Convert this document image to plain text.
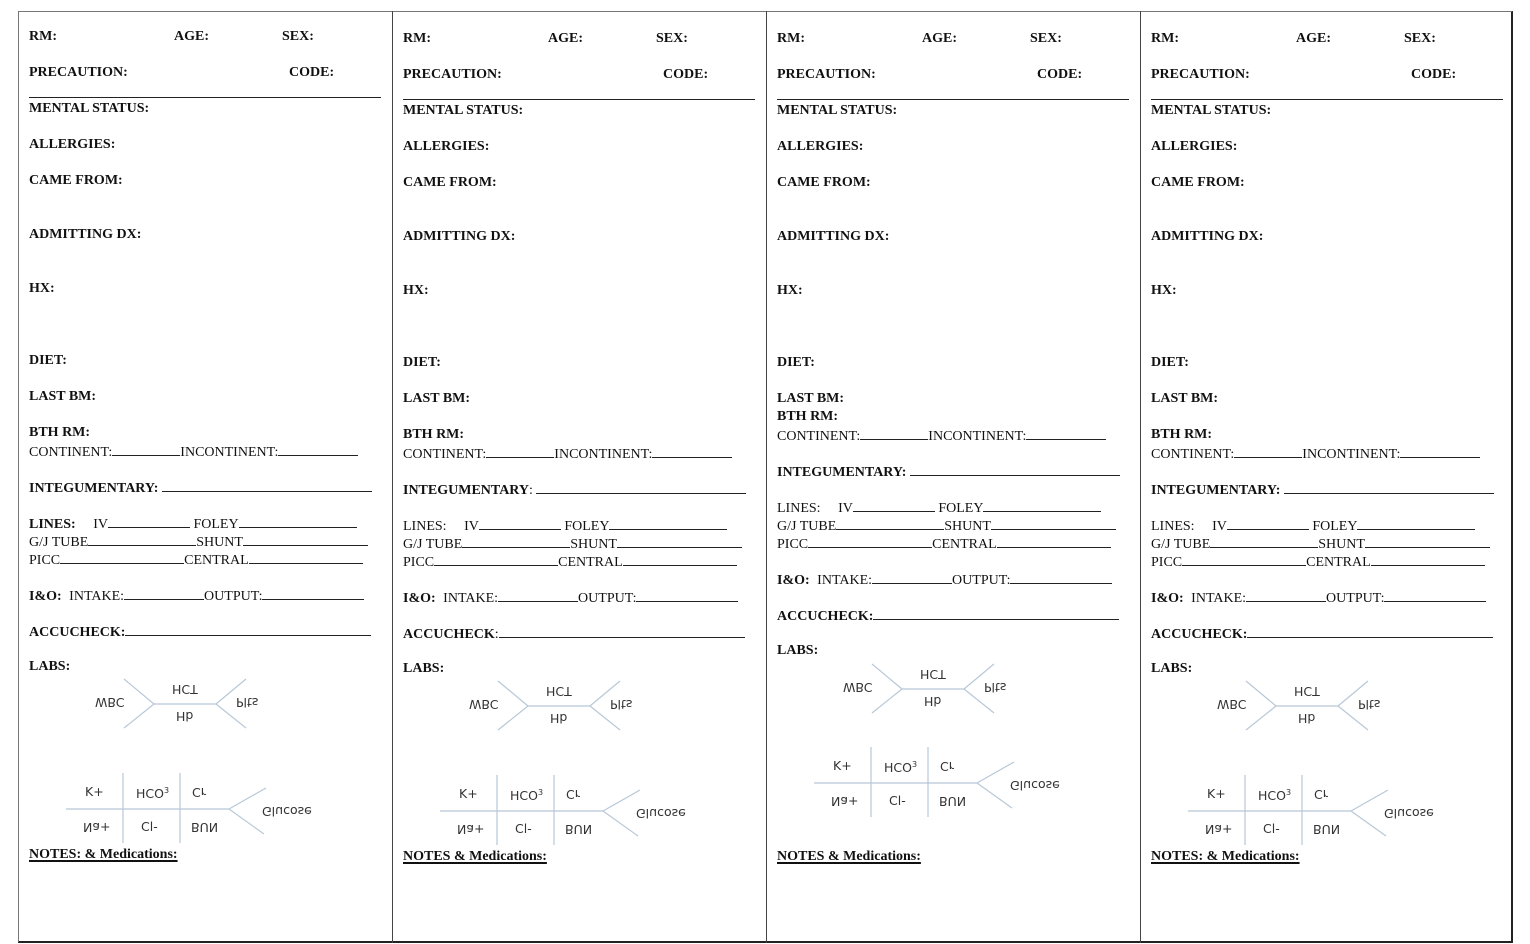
RM:	AGE:	SEX:
PRECAUTION:	CODE:
MENTAL STATUS:
ALLERGIES:
CAME FROM:
ADMITTING DX:
HX:
DIET:
LAST BM:
BTH RM:
CONTINENT:	INCONTINENT:
INTEGUMENTARY:
LINES: IV	FOLEY
G/J TUBE	SHUNT
PICC	CENTRAL
I&O: INTAKE:	OUTPUT:
ACCUCHECK:
LABS:
WBC
HCT
Hb
Plts
K+	$HCO^3$ Cr
Na+ Cl-	BUN
Glucose
NOTES: & Medications:
RM:	AGE:	SEX:
PRECAUTION:	CODE:
MENTAL STATUS:
ALLERGIES:
CAME FROM:
ADMITTING DX:
HX:
DIET:
LAST BM:
BTH RM:
CONTINENT:	INCONTINENT:
INTEGUMENTARY:
LINES: IV	FOLEY
G/J TUBE	SHUNT
PICC	CENTRAL
I&O: INTAKE:	OUTPUT:
ACCUCHECK:
LABS:
WBC
HCT
Hb
Plts
K+	$HCO^3$ Cr
Na+ Cl-	BUN
Glucose
NOTES & Medications:
RM:	AGE:	SEX:
PRECAUTION:	CODE:
MENTAL STATUS:
ALLERGIES:
CAME FROM:
ADMITTING DX:
HX:
DIET:
LAST BM:
BTH RM:
CONTINENT:	INCONTINENT:
INTEGUMENTARY:
LINES: IV	FOLEY
G/J TUBE	SHUNT
PICC	CENTRAL
I&O: INTAKE:	OUTPUT:
ACCUCHECK:
LABS:
WBC
HCT
Hb
Plts
K+	$HCO^3$ Cr
Na+ Cl-	BUN
Glucose
NOTES & Medications:
RM:	AGE:	SEX:
PRECAUTION:	CODE:
MENTAL STATUS:
ALLERGIES:
CAME FROM:
ADMITTING DX:
HX:
DIET:
LAST BM:
BTH RM:
CONTINENT:	INCONTINENT:
INTEGUMENTARY:
LINES: IV	FOLEY
G/J TUBE	SHUNT
PICC	CENTRAL
I&O: INTAKE:	OUTPUT:
ACCUCHECK:
LABS:
WBC
HCT
Hb
Plts
K+	$HCO^3$ Cr
Na+ Cl-	BUN
Glucose
NOTES: & Medications:
